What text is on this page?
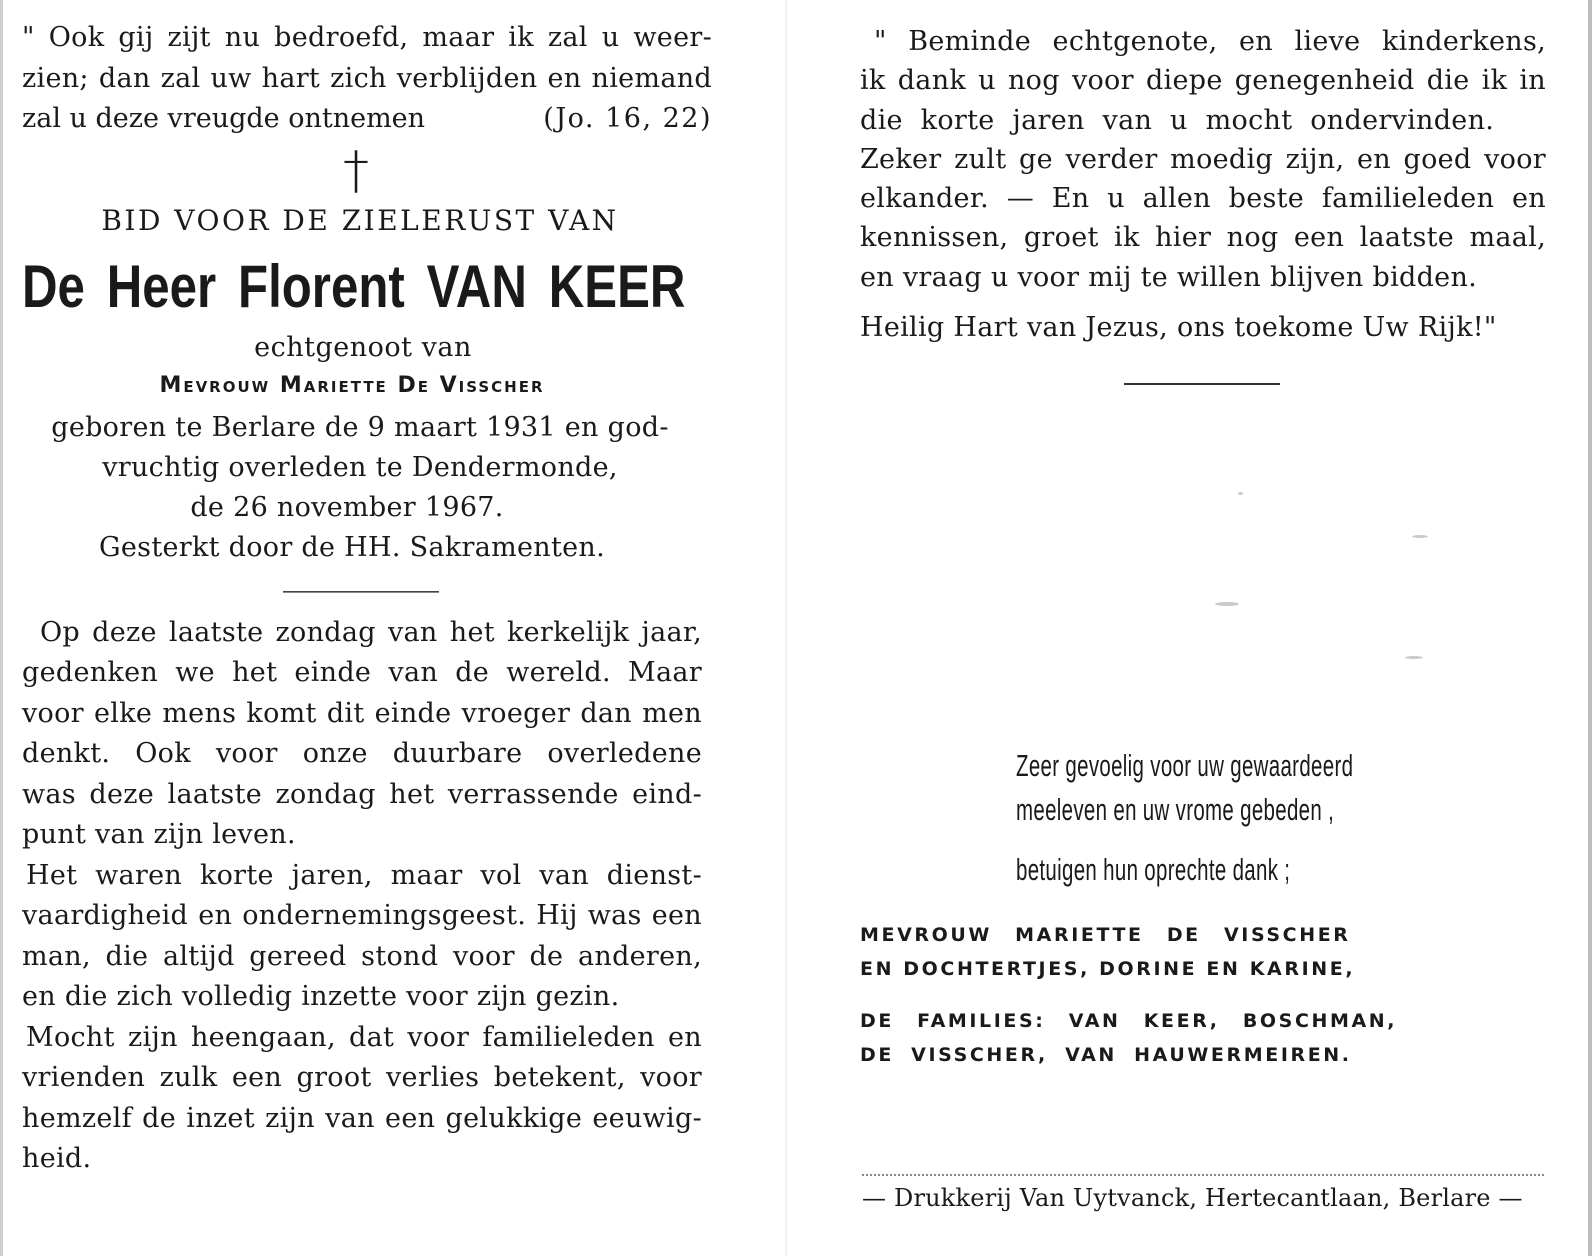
" Ook gij zijt nu bedroefd, maar ik zal u weer-
zien; dan zal uw hart zich verblijden en niemand
zal u deze vreugde ontnemen	(Jo. 16, 22)
†
BID VOOR DE ZIELERUST VAN
De Heer Florent VAN KEER
echtgenoot van
Mevrouw Mariette De Visscher
geboren te Berlare de 9 maart 1931 en god-
vruchtig overleden te Dendermonde,
de 26 november 1967.
Gesterkt door de HH. Sakramenten.
Op deze laatste zondag van het kerkelijk jaar,
gedenken we het einde van de wereld. Maar
voor elke mens komt dit einde vroeger dan men
denkt. Ook voor onze duurbare overledene
was deze laatste zondag het verrassende eind-
punt van zijn leven.
Het waren korte jaren, maar vol van dienst-
vaardigheid en ondernemingsgeest. Hij was een
man, die altijd gereed stond voor de anderen,
en die zich volledig inzette voor zijn gezin.
Mocht zijn heengaan, dat voor familieleden en
vrienden zulk een groot verlies betekent, voor
hemzelf de inzet zijn van een gelukkige eeuwig-
heid.
" Beminde echtgenote, en lieve kinderkens,
ik dank u nog voor diepe genegenheid die ik in
die korte jaren van u mocht ondervinden.
Zeker zult ge verder moedig zijn, en goed voor
elkander. — En u allen beste familieleden en
kennissen, groet ik hier nog een laatste maal,
en vraag u voor mij te willen blijven bidden.
Heilig Hart van Jezus, ons toekome Uw Rijk!"
Zeer gevoelig voor uw gewaardeerd
meeleven en uw vrome gebeden ,
betuigen hun oprechte dank ;
MEVROUW MARIETTE DE VISSCHER
EN DOCHTERTJES, DORINE EN KARINE,
DE FAMILIES: VAN KEER, BOSCHMAN,
DE VISSCHER, VAN HAUWERMEIREN.
— Drukkerij Van Uytvanck, Hertecantlaan, Berlare —
